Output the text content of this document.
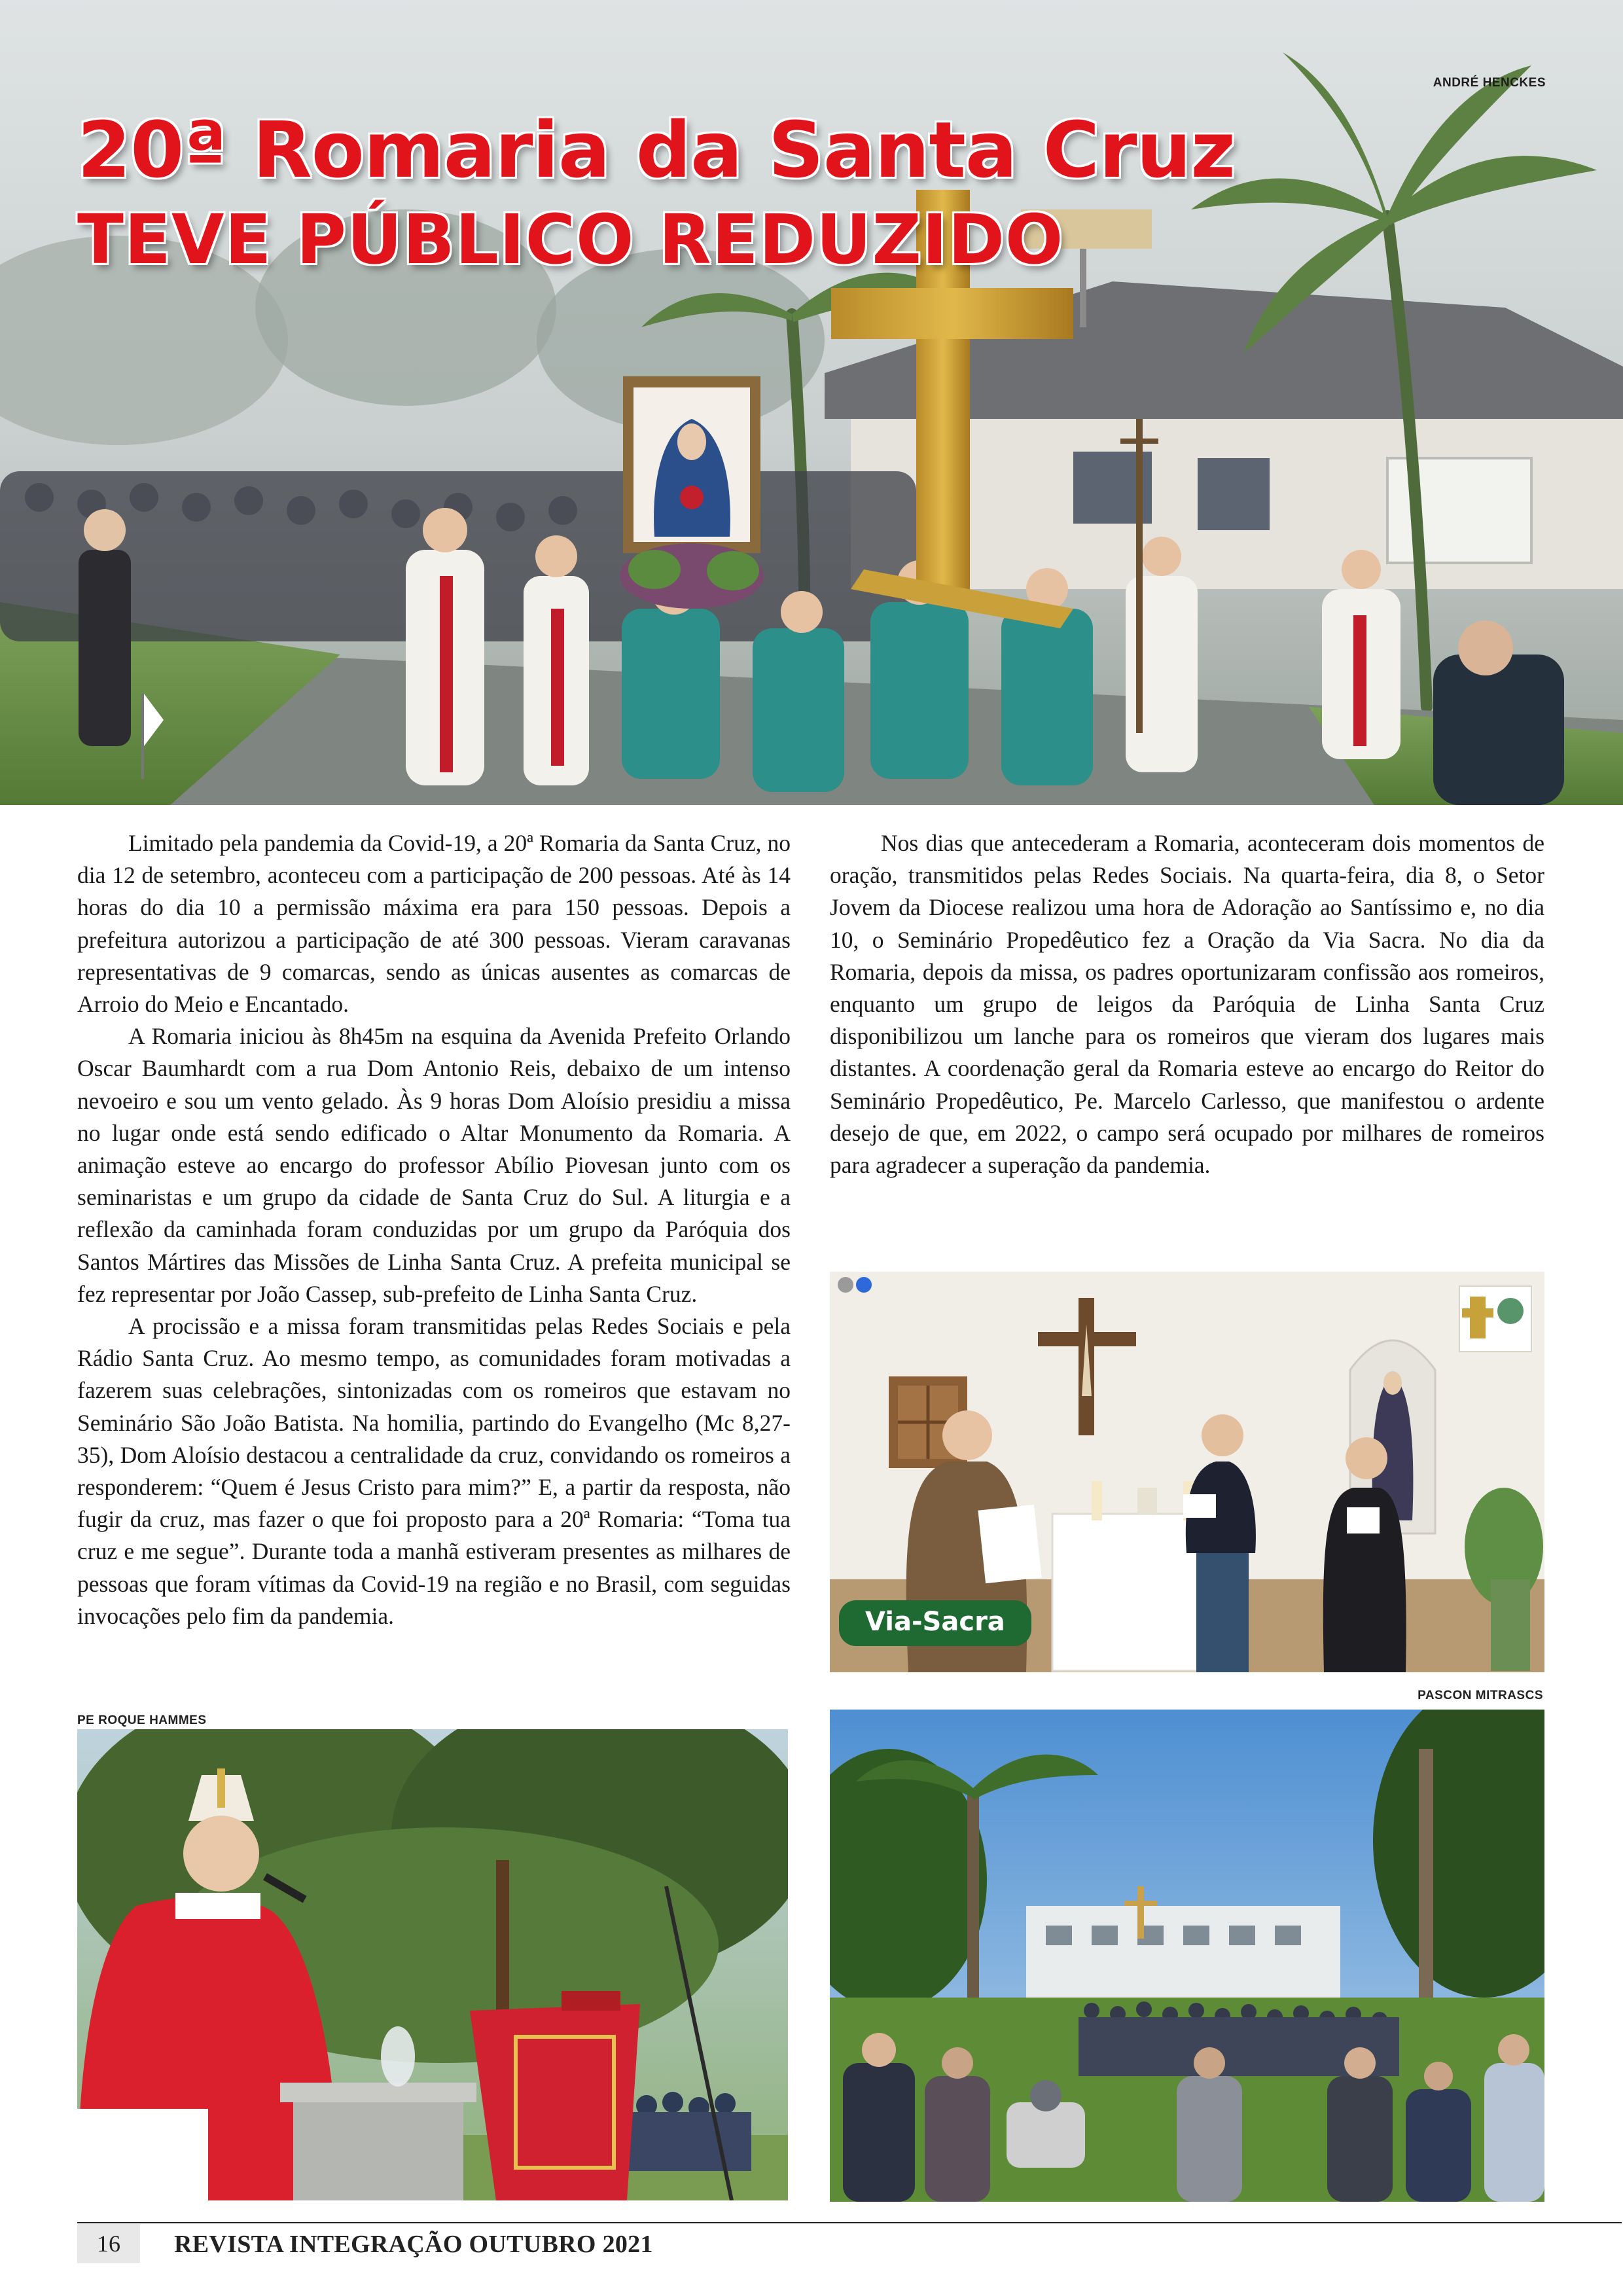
ANDRÉ HENCKES
20ª Romaria da Santa Cruz
TEVE PÚBLICO REDUZIDO

Limitado pela pandemia da Covid-19, a 20ª Romaria da Santa Cruz, no dia 12 de setembro, aconteceu com a participação de 200 pessoas. Até às 14 horas do dia 10 a permissão máxima era para 150 pessoas. Depois a prefeitura autorizou a participação de até 300 pessoas. Vieram caravanas representativas de 9 comarcas, sendo as únicas ausentes as comarcas de Arroio do Meio e Encantado.

A Romaria iniciou às 8h45m na esquina da Avenida Prefeito Orlando Oscar Baumhardt com a rua Dom Antonio Reis, debaixo de um intenso nevoeiro e sou um vento gelado. Às 9 horas Dom Aloísio presidiu a missa no lugar onde está sendo edificado o Altar Monumento da Romaria. A animação esteve ao encargo do professor Abílio Piovesan junto com os seminaristas e um grupo da cidade de Santa Cruz do Sul. A liturgia e a reflexão da caminhada foram conduzidas por um grupo da Paróquia dos Santos Mártires das Missões de Linha Santa Cruz. A prefeita municipal se fez representar por João Cassep, sub-prefeito de Linha Santa Cruz.

A procissão e a missa foram transmitidas pelas Redes Sociais e pela Rádio Santa Cruz. Ao mesmo tempo, as comunidades foram motivadas a fazerem suas celebrações, sintonizadas com os romeiros que estavam no Seminário São João Batista. Na homilia, partindo do Evangelho (Mc 8,27-35), Dom Aloísio destacou a centralidade da cruz, convidando os romeiros a responderem: “Quem é Jesus Cristo para mim?” E, a partir da resposta, não fugir da cruz, mas fazer o que foi proposto para a 20ª Romaria: “Toma tua cruz e me segue”. Durante toda a manhã estiveram presentes as milhares de pessoas que foram vítimas da Covid-19 na região e no Brasil, com seguidas invocações pelo fim da pandemia.

Nos dias que antecederam a Romaria, aconteceram dois momentos de oração, transmitidos pelas Redes Sociais. Na quarta-feira, dia 8, o Setor Jovem da Diocese realizou uma hora de Adoração ao Santíssimo e, no dia 10, o Seminário Propedêutico fez a Oração da Via Sacra. No dia da Romaria, depois da missa, os padres oportunizaram confissão aos romeiros, enquanto um grupo de leigos da Paróquia de Linha Santa Cruz disponibilizou um lanche para os romeiros que vieram dos lugares mais distantes. A coordenação geral da Romaria esteve ao encargo do Reitor do Seminário Propedêutico, Pe. Marcelo Carlesso, que manifestou o ardente desejo de que, em 2022, o campo será ocupado por milhares de romeiros para agradecer a superação da pandemia.

Via-Sacra
PASCON MITRASCS
PE ROQUE HAMMES
16	REVISTA INTEGRAÇÃO OUTUBRO 2021
